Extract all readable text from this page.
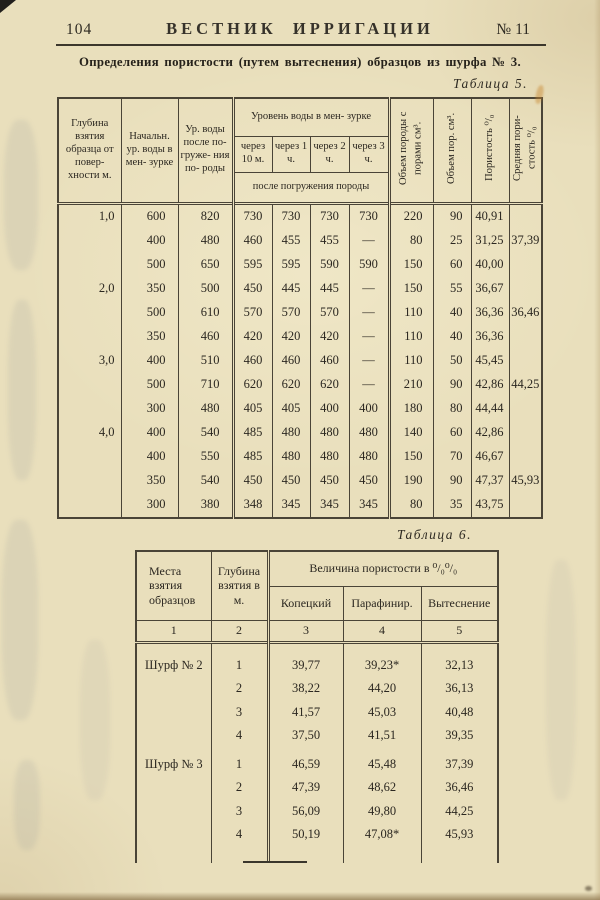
104	ВЕСТНИК ИРРИГАЦИИ	№ 11
Определения пористости (путем вытеснения) образцов из шурфа № 3.
Таблица 5.
Глубина взятия образца от повер- хности м.	Начальн. ур. воды в мен- зурке	Ур. воды после по- груже- ния по- роды	Уровень воды в мен- зурке				Объем породы с порами см³.	Объем пор. см³.	Пористость ⁰/₀	Средняя пори- стость ⁰/₀
			через 10 м.	через 1 ч.	через 2 ч.	через 3 ч.				
			после погружения породы							
1,0	600	820	730	730	730	730	220	90	40,91	
	400	480	460	455	455	—	80	25	31,25	37,39
	500	650	595	595	590	590	150	60	40,00	
2,0	350	500	450	445	445	—	150	55	36,67	
	500	610	570	570	570	—	110	40	36,36	36,46
	350	460	420	420	420	—	110	40	36,36	
3,0	400	510	460	460	460	—	110	50	45,45	
	500	710	620	620	620	—	210	90	42,86	44,25
	300	480	405	405	400	400	180	80	44,44	
4,0	400	540	485	480	480	480	140	60	42,86	
	400	550	485	480	480	480	150	70	46,67	
	350	540	450	450	450	450	190	90	47,37	45,93
	300	380	348	345	345	345	80	35	43,75	
Таблица 6.
Места взятия образцов	Глубина взятия в м.	Величина пористости в ⁰/₀⁰/₀		
		Копецкий	Парафинир.	Вытеснение
1	2	3	4	5
Шурф № 2	1	39,77	39,23*	32,13
	2	38,22	44,20	36,13
	3	41,57	45,03	40,48
	4	37,50	41,51	39,35
Шурф № 3	1	46,59	45,48	37,39
	2	47,39	48,62	36,46
	3	56,09	49,80	44,25
	4	50,19	47,08*	45,93
